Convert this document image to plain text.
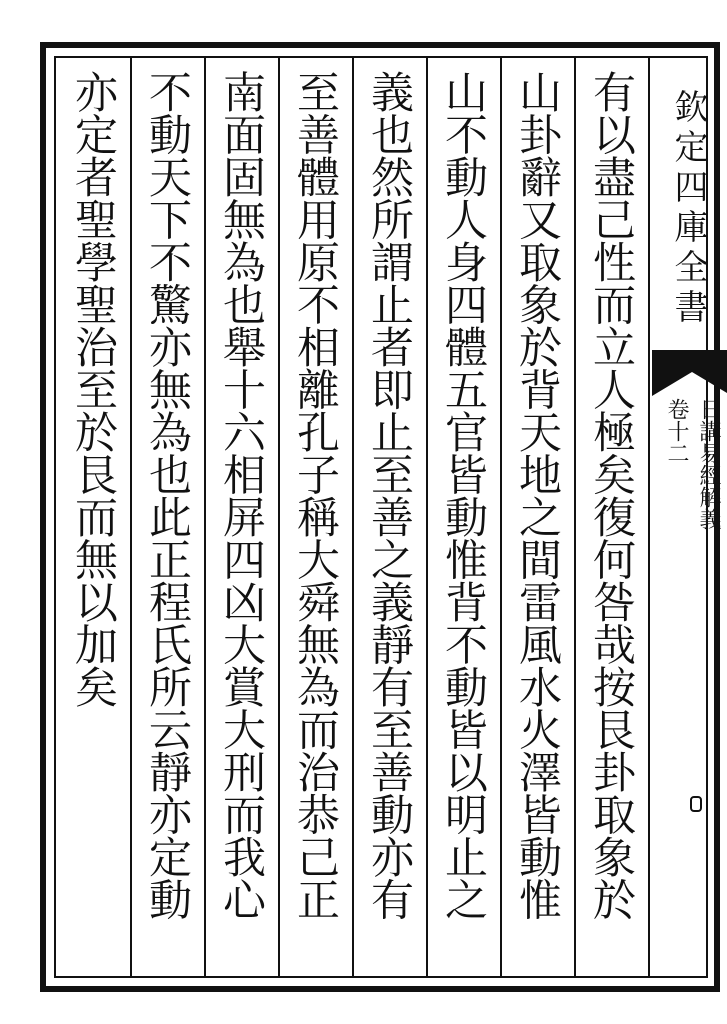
有以盡己性而立人極矣復何咎哉按艮卦取象於
山卦辭又取象於背天地之間雷風水火澤皆動惟
山不動人身四體五官皆動惟背不動皆以明止之
義也然所謂止者即止至善之義靜有至善動亦有
至善體用原不相離孔子稱大舜無為而治恭己正
南面固無為也舉十六相屏四凶大賞大刑而我心
不動天下不驚亦無為也此正程氏所云靜亦定動
亦定者聖學聖治至於艮而無以加矣	欽定四庫全書
日講易經解義
卷十二
